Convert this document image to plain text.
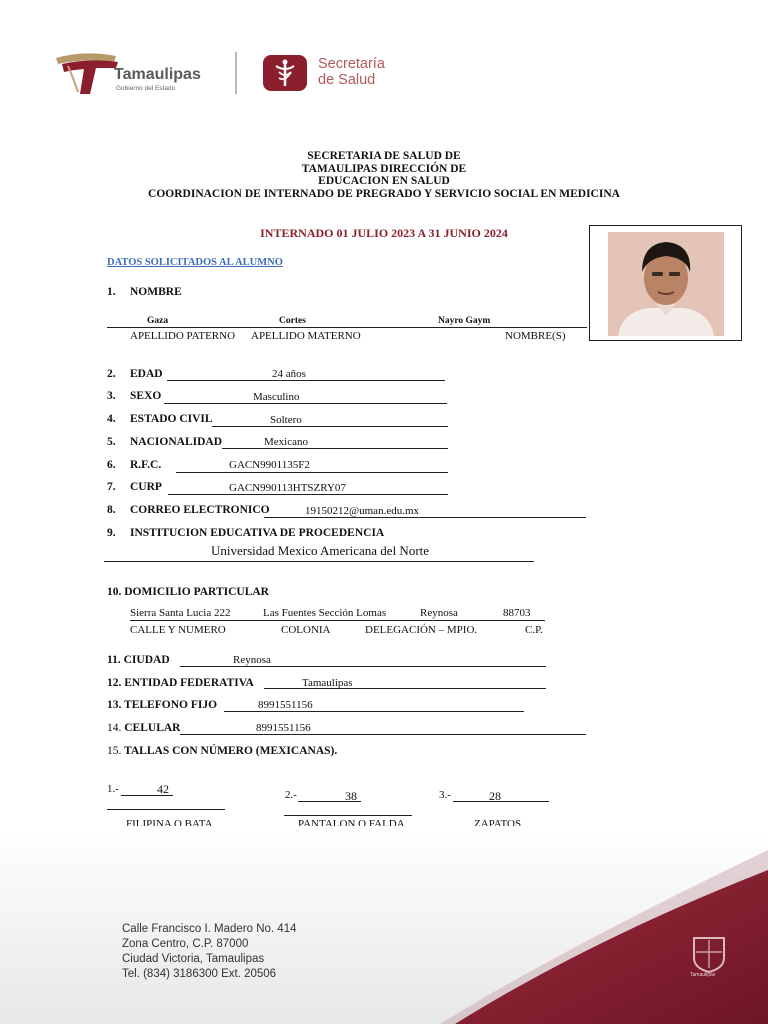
Tamaulipas
Gobierno del Estado
Secretaría
de Salud
SECRETARIA DE SALUD DE
TAMAULIPAS DIRECCIÓN DE
EDUCACION EN SALUD
COORDINACION DE INTERNADO DE PREGRADO Y SERVICIO SOCIAL EN MEDICINA
INTERNADO 01 JULIO 2023 A 31 JUNIO 2024
DATOS SOLICITADOS AL ALUMNO
1. NOMBRE
Gaza	Cortes	Nayro Gaym
APELLIDO PATERNO APELLIDO MATERNO	NOMBRE(S)
2. EDAD	24 años
3. SEXO	Masculino
4. ESTADO CIVIL	Soltero
5. NACIONALIDAD	Mexicano
6. R.F.C.	GACN9901135F2
7. CURP	GACN990113HTSZRY07
8. CORREO ELECTRONICO	19150212@uman.edu.mx
9. INSTITUCION EDUCATIVA DE PROCEDENCIA
Universidad Mexico Americana del Norte
10. DOMICILIO PARTICULAR
Sierra Santa Lucia 222	Las Fuentes Sección Lomas	Reynosa	88703
CALLE Y NUMERO	COLONIA	DELEGACIÓN – MPIO.	C.P.
11. CIUDAD	Reynosa
12. ENTIDAD FEDERATIVA	Tamaulipas
13. TELEFONO FIJO	8991551156
14. CELULAR	8991551156
15. TALLAS CON NÚMERO (MEXICANAS).
1.-	42	2.-	38	3.-	28
FILIPINA O BATA	PANTALON O FALDA	ZAPATOS
Calle Francisco I. Madero No. 414
Zona Centro, C.P. 87000
Ciudad Victoria, Tamaulipas
Tel. (834) 3186300 Ext. 20506	Tamaulipas
